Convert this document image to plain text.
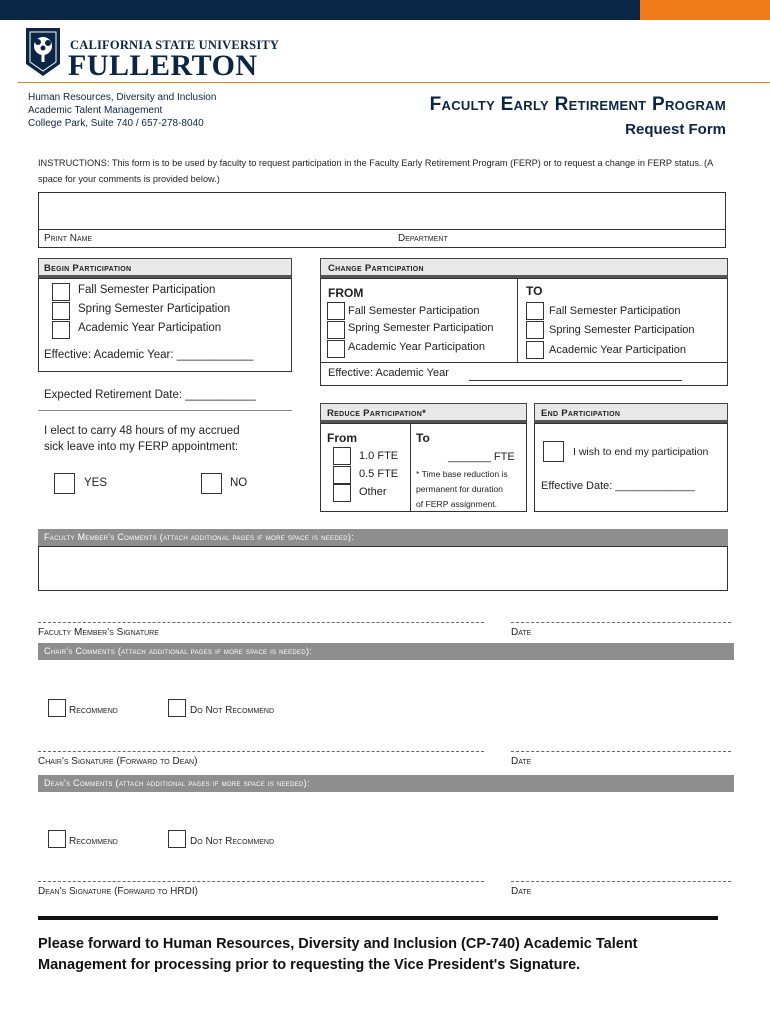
CALIFORNIA STATE UNIVERSITY
FULLERTON
Human Resources, Diversity and Inclusion
Academic Talent Management
College Park, Suite 740 / 657-278-8040
Faculty Early Retirement Program
Request Form
INSTRUCTIONS: This form is to be used by faculty to request participation in the Faculty Early Retirement Program (FERP) or to request a change in FERP status. (A space for your comments is provided below.)
Print Name	Department
Begin Participation
Fall Semester Participation
Spring Semester Participation
Academic Year Participation
Effective: Academic Year: ____________
Expected Retirement Date: ___________
I elect to carry 48 hours of my accrued
sick leave into my FERP appointment:
YES	NO
Change Participation
FROM	TO
Fall Semester Participation
Spring Semester Participation
Academic Year Participation
Fall Semester Participation
Spring Semester Participation
Academic Year Participation
Effective: Academic Year
Reduce Participation*
From	To
1.0 FTE
0.5 FTE
Other
_______ FTE
* Time base reduction is
permanent for duration
of FERP assignment.
End Participation
I wish to end my participation
Effective Date: _____________
Faculty Member's Comments (attach additional pages if more space is needed):
Faculty Member's Signature	Date
Chair's Comments (attach additional pages if more space is needed):
Recommend	Do Not Recommend
Chair's Signature (Forward to Dean)	Date
Dean's Comments (attach additional pages if more space is needed):
Recommend	Do Not Recommend
Dean's Signature (Forward to HRDI)	Date
Please forward to Human Resources, Diversity and Inclusion (CP-740) Academic Talent
Management for processing prior to requesting the Vice President's Signature.
